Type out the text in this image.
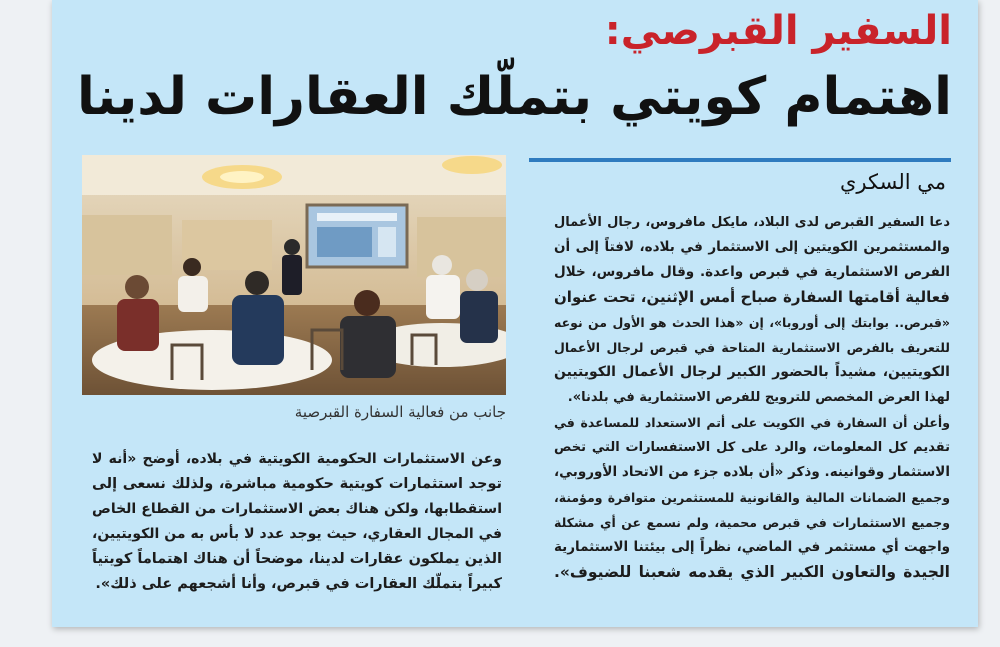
السفير القبرصي:
اهتمام كويتي بتملّك العقارات لدينا
مي السكري
جانب من فعالية السفارة القبرصية
دعا السفير القبرص لدى البلاد، مايكل مافروس، رجال الأعمال
والمستثمرين الكويتين إلى الاستثمار في بلاده، لافتاً إلى أن
الفرص الاستثمارية في قبرص واعدة. وقال مافروس، خلال
فعالية أقامتها السفارة صباح أمس الإثنين، تحت عنوان
«قبرص.. بوابتك إلى أوروبا»، إن «هذا الحدث هو الأول من نوعه
للتعريف بالفرص الاستثمارية المتاحة في قبرص لرجال الأعمال
الكويتيين، مشيداً بالحضور الكبير لرجال الأعمال الكويتيين
لهذا العرض المخصص للترويج للفرص الاستثمارية في بلدنا».
وأعلن أن السفارة في الكويت على أتم الاستعداد للمساعدة في
تقديم كل المعلومات، والرد على كل الاستفسارات التي تخص
الاستثمار وقوانينه. وذكر «أن بلاده جزء من الاتحاد الأوروبي،
وجميع الضمانات المالية والقانونية للمستثمرين متوافرة ومؤمنة،
وجميع الاستثمارات في قبرص محمية، ولم نسمع عن أي مشكلة
واجهت أي مستثمر في الماضي، نظراً إلى بيئتنا الاستثمارية
الجيدة والتعاون الكبير الذي يقدمه شعبنا للضيوف».
وعن الاستثمارات الحكومية الكويتية في بلاده، أوضح «أنه لا
توجد استثمارات كويتية حكومية مباشرة، ولذلك نسعى إلى
استقطابها، ولكن هناك بعض الاستثمارات من القطاع الخاص
في المجال العقاري، حيث يوجد عدد لا بأس به من الكويتيين،
الذين يملكون عقارات لدينا، موضحاً أن هناك اهتماماً كويتياً
كبيراً بتملّك العقارات في قبرص، وأنا أشجعهم على ذلك».
